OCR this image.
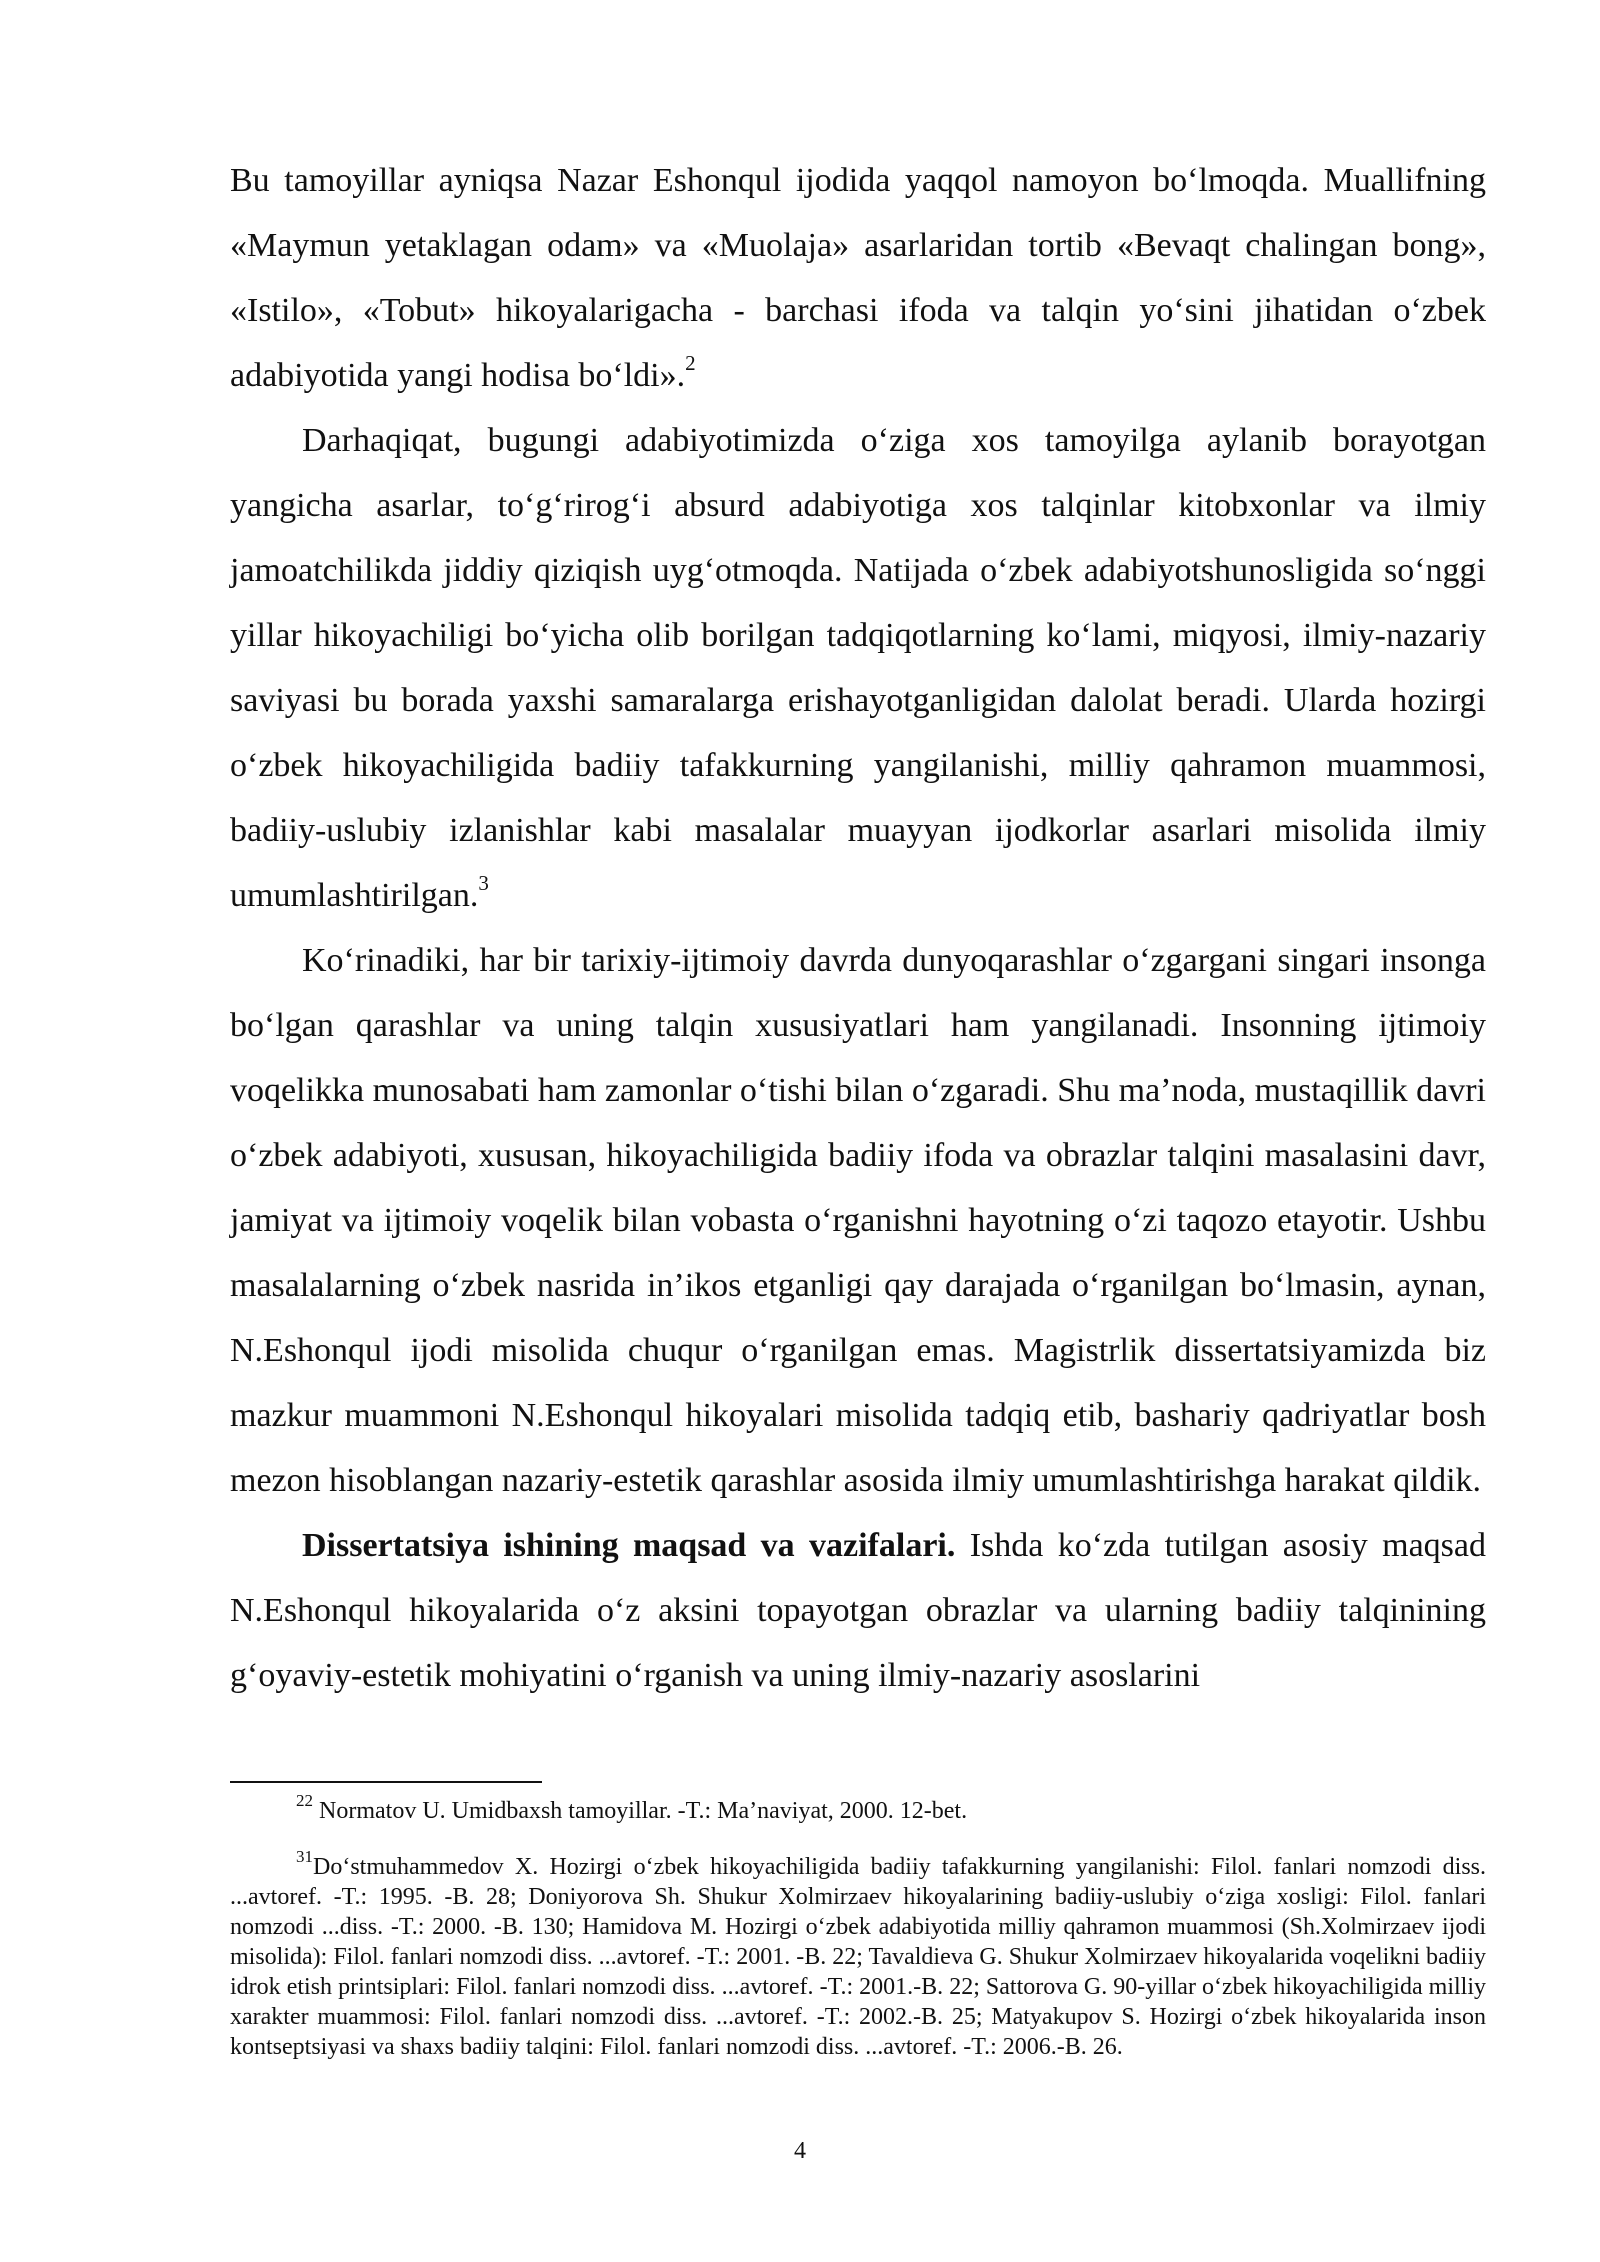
Bu tamoyillar ayniqsa Nazar Eshonqul ijodida yaqqol namoyon bo‘lmoqda. Muallifning «Maymun yetaklagan odam» va «Muolaja» asarlaridan tortib «Bevaqt chalingan bong», «Istilo», «Tobut» hikoyalarigacha - barchasi ifoda va talqin yo‘sini jihatidan o‘zbek adabiyotida yangi hodisa bo‘ldi».$^2$

Darhaqiqat, bugungi adabiyotimizda o‘ziga xos tamoyilga aylanib borayotgan yangicha asarlar, to‘g‘rirog‘i absurd adabiyotiga xos talqinlar kitobxonlar va ilmiy jamoatchilikda jiddiy qiziqish uyg‘otmoqda. Natijada o‘zbek adabiyotshunosligida so‘nggi yillar hikoyachiligi bo‘yicha olib borilgan tadqiqotlarning ko‘lami, miqyosi, ilmiy-nazariy saviyasi bu borada yaxshi samaralarga erishayotganligidan dalolat beradi. Ularda hozirgi o‘zbek hikoyachiligida badiiy tafakkurning yangilanishi, milliy qahramon muammosi, badiiy-uslubiy izlanishlar kabi masalalar muayyan ijodkorlar asarlari misolida ilmiy umumlashtirilgan.$^3$

Ko‘rinadiki, har bir tarixiy-ijtimoiy davrda dunyoqarashlar o‘zgargani singari insonga bo‘lgan qarashlar va uning talqin xususiyatlari ham yangilanadi. Insonning ijtimoiy voqelikka munosabati ham zamonlar o‘tishi bilan o‘zgaradi. Shu ma’noda, mustaqillik davri o‘zbek adabiyoti, xususan, hikoyachiligida badiiy ifoda va obrazlar talqini masalasini davr, jamiyat va ijtimoiy voqelik bilan vobasta o‘rganishni hayotning o‘zi taqozo etayotir. Ushbu masalalarning o‘zbek nasrida in’ikos etganligi qay darajada o‘rganilgan bo‘lmasin, aynan, N.Eshonqul ijodi misolida chuqur o‘rganilgan emas. Magistrlik dissertatsiyamizda biz mazkur muammoni N.Eshonqul hikoyalari misolida tadqiq etib, bashariy qadriyatlar bosh mezon hisoblangan nazariy-estetik qarashlar asosida ilmiy umumlashtirishga harakat qildik.

Dissertatsiya ishining maqsad va vazifalari. Ishda ko‘zda tutilgan asosiy maqsad N.Eshonqul hikoyalarida o‘z aksini topayotgan obrazlar va ularning badiiy talqinining g‘oyaviy-estetik mohiyatini o‘rganish va uning ilmiy-nazariy asoslarini

$^{22}$ Normatov U. Umidbaxsh tamoyillar. -T.: Ma’naviyat, 2000. 12-bet.

$^{31}$Do‘stmuhammedov X. Hozirgi o‘zbek hikoyachiligida badiiy tafakkurning yangilanishi: Filol. fanlari nomzodi diss. ...avtoref. -T.: 1995. -B. 28; Doniyorova Sh. Shukur Xolmirzaev hikoyalarining badiiy-uslubiy o‘ziga xosligi: Filol. fanlari nomzodi ...diss. -T.: 2000. -B. 130; Hamidova M. Hozirgi o‘zbek adabiyotida milliy qahramon muammosi (Sh.Xolmirzaev ijodi misolida): Filol. fanlari nomzodi diss. ...avtoref. -T.: 2001. -B. 22; Tavaldieva G. Shukur Xolmirzaev hikoyalarida voqelikni badiiy idrok etish printsiplari: Filol. fanlari nomzodi diss. ...avtoref. -T.: 2001.-B. 22; Sattorova G. 90-yillar o‘zbek hikoyachiligida milliy xarakter muammosi: Filol. fanlari nomzodi diss. ...avtoref. -T.: 2002.-B. 25; Matyakupov S. Hozirgi o‘zbek hikoyalarida inson kontseptsiyasi va shaxs badiiy talqini: Filol. fanlari nomzodi diss. ...avtoref. -T.: 2006.-B. 26.

4
